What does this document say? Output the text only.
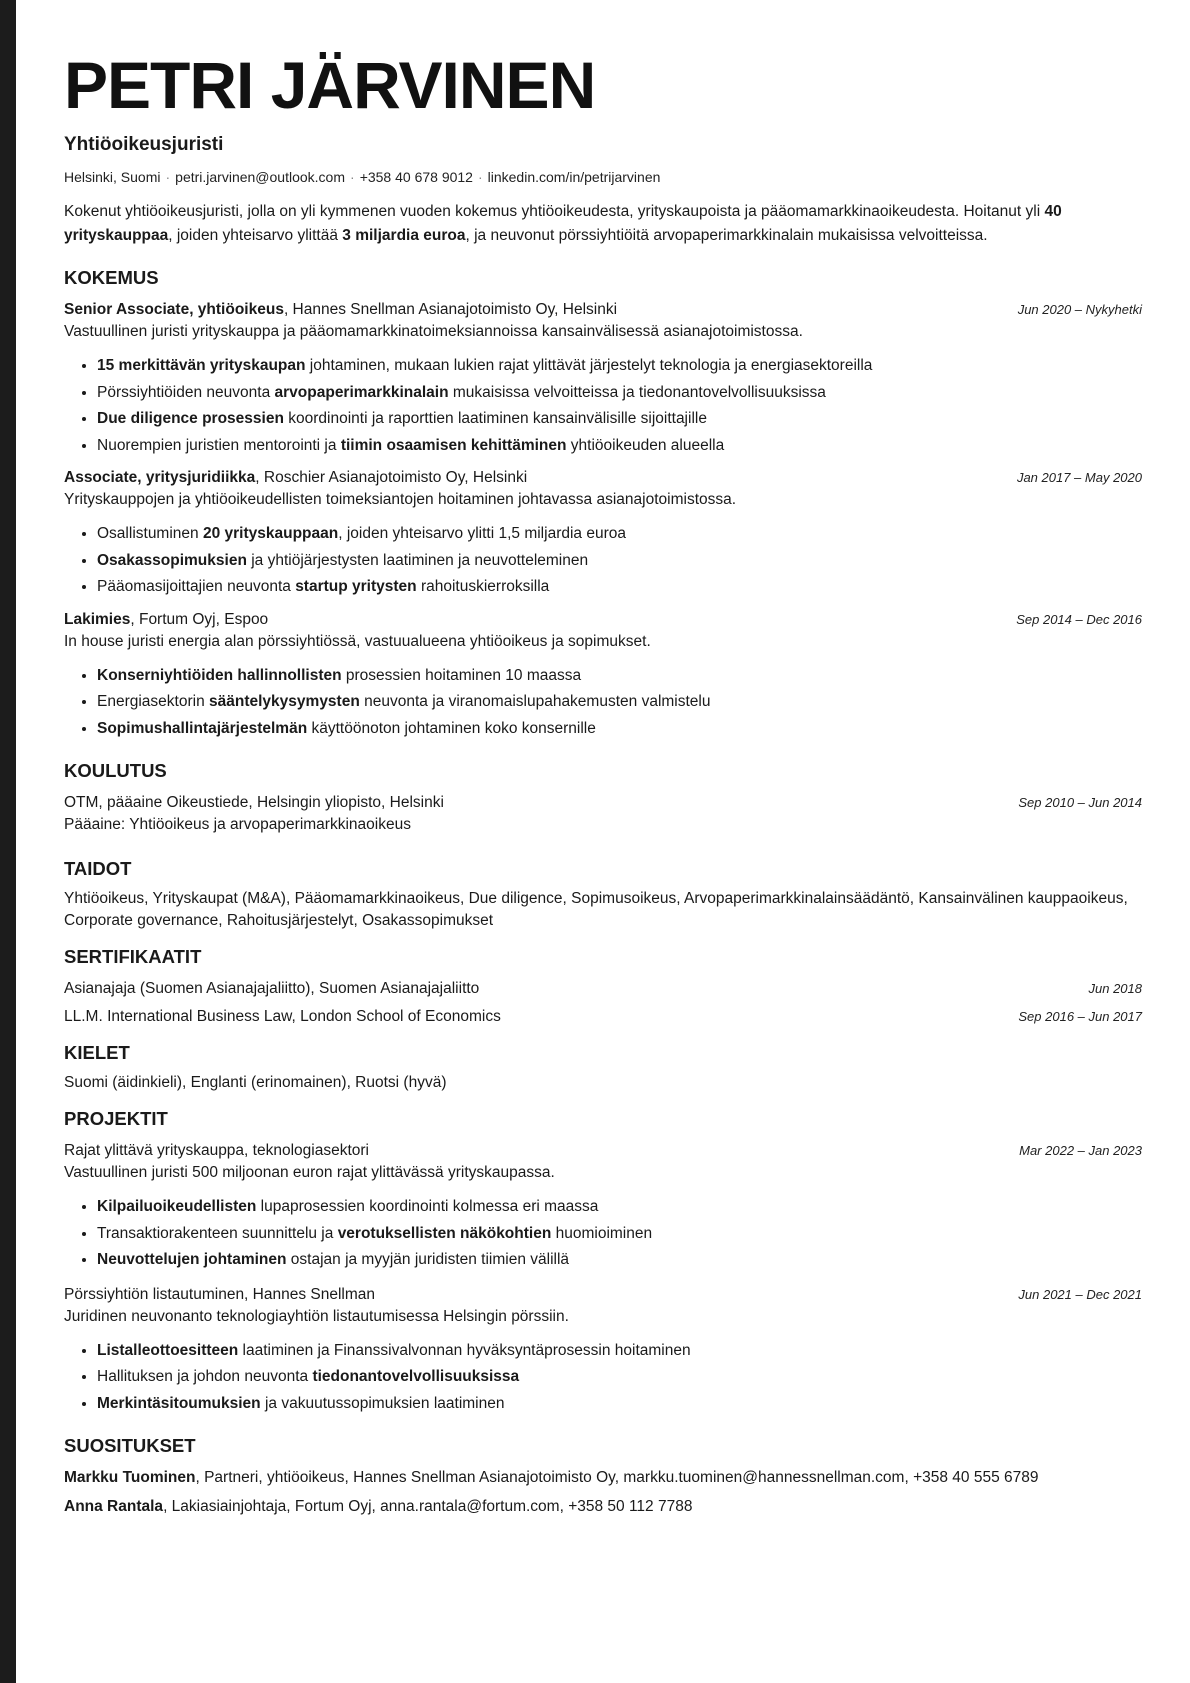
PETRI JÄRVINEN
Yhtiöoikeusjuristi
Helsinki, Suomi · petri.jarvinen@outlook.com · +358 40 678 9012 · linkedin.com/in/petrijarvinen
Kokenut yhtiöoikeusjuristi, jolla on yli kymmenen vuoden kokemus yhtiöoikeudesta, yrityskaupoista ja pääomamarkkinaoikeudesta. Hoitanut yli 40 yrityskauppaa, joiden yhteisarvo ylittää 3 miljardia euroa, ja neuvonut pörssiyhtiöitä arvopaperimarkkinalain mukaisissa velvoitteissa.
KOKEMUS
Senior Associate, yhtiöoikeus, Hannes Snellman Asianajotoimisto Oy, Helsinki	Jun 2020 – Nykyhetki
Vastuullinen juristi yrityskauppa ja pääomamarkkinatoimeksiannoissa kansainvälisessä asianajotoimistossa.
• 15 merkittävän yrityskaupan johtaminen, mukaan lukien rajat ylittävät järjestelyt teknologia ja energiasektoreilla
• Pörssiyhtiöiden neuvonta arvopaperimarkkinalain mukaisissa velvoitteissa ja tiedonantovelvollisuuksissa
• Due diligence prosessien koordinointi ja raporttien laatiminen kansainvälisille sijoittajille
• Nuorempien juristien mentorointi ja tiimin osaamisen kehittäminen yhtiöoikeuden alueella
Associate, yritysjuridiikka, Roschier Asianajotoimisto Oy, Helsinki	Jan 2017 – May 2020
Yrityskauppojen ja yhtiöoikeudellisten toimeksiantojen hoitaminen johtavassa asianajotoimistossa.
• Osallistuminen 20 yrityskauppaan, joiden yhteisarvo ylitti 1,5 miljardia euroa
• Osakassopimuksien ja yhtiöjärjestysten laatiminen ja neuvotteleminen
• Pääomasijoittajien neuvonta startup yritysten rahoituskierroksilla
Lakimies, Fortum Oyj, Espoo	Sep 2014 – Dec 2016
In house juristi energia alan pörssiyhtiössä, vastuualueena yhtiöoikeus ja sopimukset.
• Konserniyhtiöiden hallinnollisten prosessien hoitaminen 10 maassa
• Energiasektorin sääntelykysymysten neuvonta ja viranomaislupahakemusten valmistelu
• Sopimushallintajärjestelmän käyttöönoton johtaminen koko konsernille
KOULUTUS
OTM, pääaine Oikeustiede, Helsingin yliopisto, Helsinki	Sep 2010 – Jun 2014
Pääaine: Yhtiöoikeus ja arvopaperimarkkinaoikeus
TAIDOT
Yhtiöoikeus, Yrityskaupat (M&A), Pääomamarkkinaoikeus, Due diligence, Sopimusoikeus, Arvopaperimarkkinalainsäädäntö, Kansainvälinen kauppaoikeus, Corporate governance, Rahoitusjärjestelyt, Osakassopimukset
SERTIFIKAATIT
Asianajaja (Suomen Asianajajaliitto), Suomen Asianajajaliitto	Jun 2018
LL.M. International Business Law, London School of Economics	Sep 2016 – Jun 2017
KIELET
Suomi (äidinkieli), Englanti (erinomainen), Ruotsi (hyvä)
PROJEKTIT
Rajat ylittävä yrityskauppa, teknologiasektori	Mar 2022 – Jan 2023
Vastuullinen juristi 500 miljoonan euron rajat ylittävässä yrityskaupassa.
• Kilpailuoikeudellisten lupaprosessien koordinointi kolmessa eri maassa
• Transaktiorakenteen suunnittelu ja verotuksellisten näkökohtien huomioiminen
• Neuvottelujen johtaminen ostajan ja myyjän juridisten tiimien välillä
Pörssiyhtiön listautuminen, Hannes Snellman	Jun 2021 – Dec 2021
Juridinen neuvonanto teknologiayhtiön listautumisessa Helsingin pörssiin.
• Listalleottoesitteen laatiminen ja Finanssivalvonnan hyväksyntäprosessin hoitaminen
• Hallituksen ja johdon neuvonta tiedonantovelvollisuuksissa
• Merkintäsitoumuksien ja vakuutussopimuksien laatiminen
SUOSITUKSET
Markku Tuominen, Partneri, yhtiöoikeus, Hannes Snellman Asianajotoimisto Oy, markku.tuominen@hannessnellman.com, +358 40 555 6789
Anna Rantala, Lakiasiainjohtaja, Fortum Oyj, anna.rantala@fortum.com, +358 50 112 7788
